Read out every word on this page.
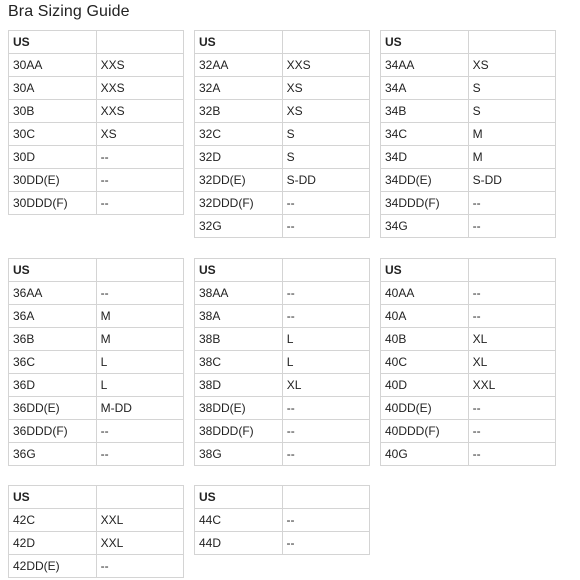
Bra Sizing Guide
US	
30AA	XXS
30A	XXS
30B	XXS
30C	XS
30D	--
30DD(E)	--
30DDD(F)	--
US	
32AA	XXS
32A	XS
32B	XS
32C	S
32D	S
32DD(E)	S-DD
32DDD(F)	--
32G	--
US	
34AA	XS
34A	S
34B	S
34C	M
34D	M
34DD(E)	S-DD
34DDD(F)	--
34G	--
US	
36AA	--
36A	M
36B	M
36C	L
36D	L
36DD(E)	M-DD
36DDD(F)	--
36G	--
US	
38AA	--
38A	--
38B	L
38C	L
38D	XL
38DD(E)	--
38DDD(F)	--
38G	--
US	
40AA	--
40A	--
40B	XL
40C	XL
40D	XXL
40DD(E)	--
40DDD(F)	--
40G	--
US	
42C	XXL
42D	XXL
42DD(E)	--
US	
44C	--
44D	--
